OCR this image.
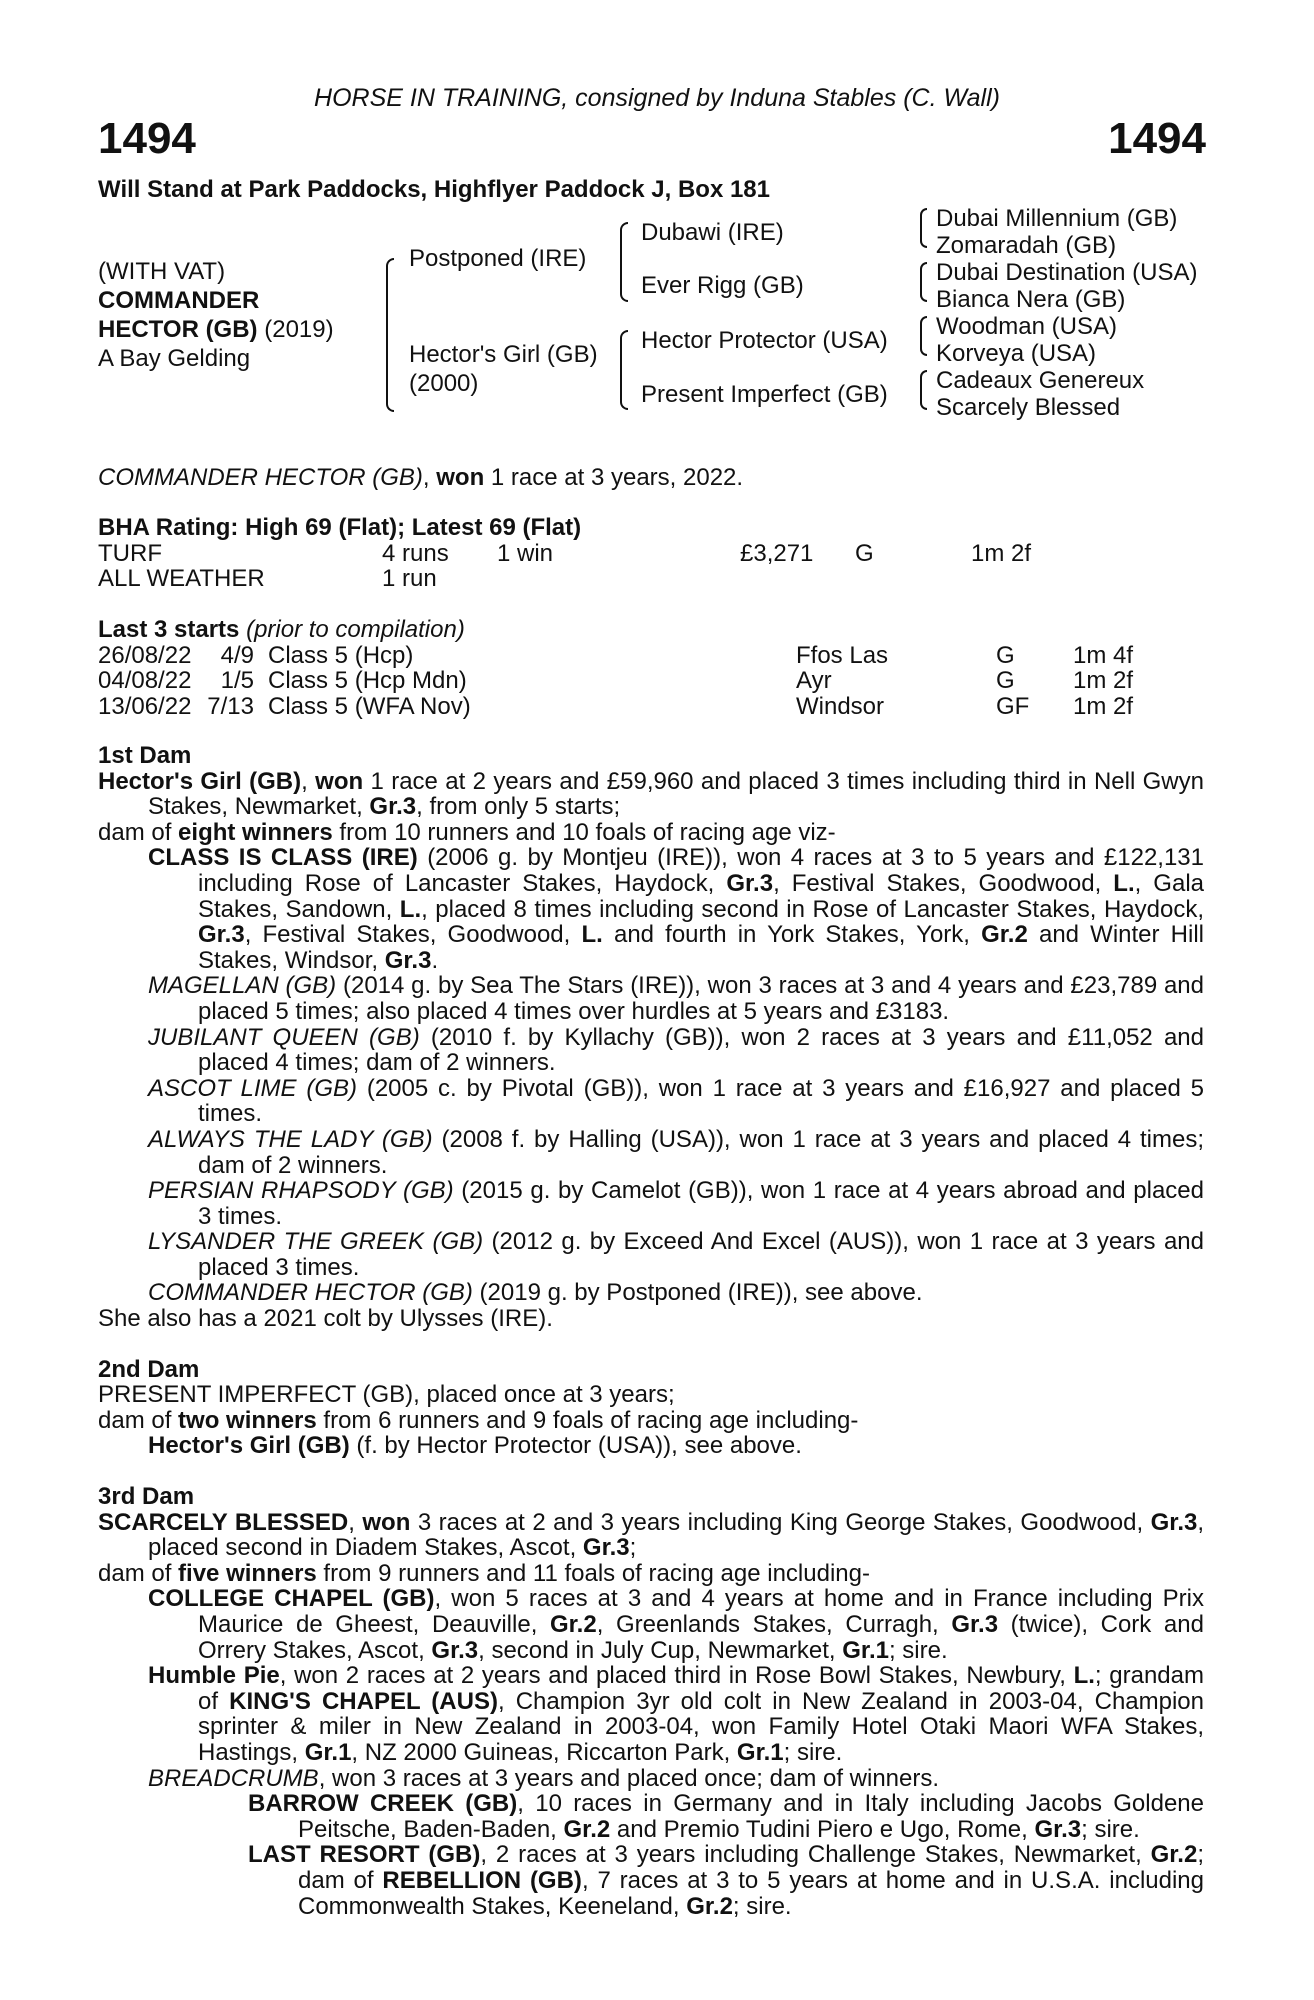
HORSE IN TRAINING, consigned by Induna Stables (C. Wall)
1494	1494
Will Stand at Park Paddocks, Highflyer Paddock J, Box 181
(WITH VAT)
COMMANDER
HECTOR (GB) (2019)
A Bay Gelding
Postponed (IRE)
Hector's Girl (GB)
(2000)
Dubawi (IRE)
Ever Rigg (GB)
Hector Protector (USA)
Present Imperfect (GB)
Dubai Millennium (GB)
Zomaradah (GB)
Dubai Destination (USA)
Bianca Nera (GB)
Woodman (USA)
Korveya (USA)
Cadeaux Genereux
Scarcely Blessed
COMMANDER HECTOR (GB), won 1 race at 3 years, 2022.
BHA Rating: High 69 (Flat); Latest 69 (Flat)
TURF	4 runs	1 win	£3,271	G	1m 2f
ALL WEATHER	1 run				
Last 3 starts (prior to compilation)
26/08/22	4/9	Class 5 (Hcp)	Ffos Las	G	1m 4f
04/08/22	1/5	Class 5 (Hcp Mdn)	Ayr	G	1m 2f
13/06/22	7/13	Class 5 (WFA Nov)	Windsor	GF	1m 2f

1st Dam

Hector's Girl (GB), won 1 race at 2 years and £59,960 and placed 3 times including third in Nell Gwyn Stakes, Newmarket, Gr.3, from only 5 starts;

dam of eight winners from 10 runners and 10 foals of racing age viz-

CLASS IS CLASS (IRE) (2006 g. by Montjeu (IRE)), won 4 races at 3 to 5 years and £122,131 including Rose of Lancaster Stakes, Haydock, Gr.3, Festival Stakes, Goodwood, L., Gala Stakes, Sandown, L., placed 8 times including second in Rose of Lancaster Stakes, Haydock, Gr.3, Festival Stakes, Goodwood, L. and fourth in York Stakes, York, Gr.2 and Winter Hill Stakes, Windsor, Gr.3.

MAGELLAN (GB) (2014 g. by Sea The Stars (IRE)), won 3 races at 3 and 4 years and £23,789 and placed 5 times; also placed 4 times over hurdles at 5 years and £3183.

JUBILANT QUEEN (GB) (2010 f. by Kyllachy (GB)), won 2 races at 3 years and £11,052 and placed 4 times; dam of 2 winners.

ASCOT LIME (GB) (2005 c. by Pivotal (GB)), won 1 race at 3 years and £16,927 and placed 5 times.

ALWAYS THE LADY (GB) (2008 f. by Halling (USA)), won 1 race at 3 years and placed 4 times; dam of 2 winners.

PERSIAN RHAPSODY (GB) (2015 g. by Camelot (GB)), won 1 race at 4 years abroad and placed 3 times.

LYSANDER THE GREEK (GB) (2012 g. by Exceed And Excel (AUS)), won 1 race at 3 years and placed 3 times.

COMMANDER HECTOR (GB) (2019 g. by Postponed (IRE)), see above.

She also has a 2021 colt by Ulysses (IRE).

2nd Dam

PRESENT IMPERFECT (GB), placed once at 3 years;

dam of two winners from 6 runners and 9 foals of racing age including-

Hector's Girl (GB) (f. by Hector Protector (USA)), see above.

3rd Dam

SCARCELY BLESSED, won 3 races at 2 and 3 years including King George Stakes, Goodwood, Gr.3, placed second in Diadem Stakes, Ascot, Gr.3;

dam of five winners from 9 runners and 11 foals of racing age including-

COLLEGE CHAPEL (GB), won 5 races at 3 and 4 years at home and in France including Prix Maurice de Gheest, Deauville, Gr.2, Greenlands Stakes, Curragh, Gr.3 (twice), Cork and Orrery Stakes, Ascot, Gr.3, second in July Cup, Newmarket, Gr.1; sire.

Humble Pie, won 2 races at 2 years and placed third in Rose Bowl Stakes, Newbury, L.; grandam of KING'S CHAPEL (AUS), Champion 3yr old colt in New Zealand in 2003-04, Champion sprinter & miler in New Zealand in 2003-04, won Family Hotel Otaki Maori WFA Stakes, Hastings, Gr.1, NZ 2000 Guineas, Riccarton Park, Gr.1; sire.

BREADCRUMB, won 3 races at 3 years and placed once; dam of winners.

BARROW CREEK (GB), 10 races in Germany and in Italy including Jacobs Goldene Peitsche, Baden-Baden, Gr.2 and Premio Tudini Piero e Ugo, Rome, Gr.3; sire.

LAST RESORT (GB), 2 races at 3 years including Challenge Stakes, Newmarket, Gr.2; dam of REBELLION (GB), 7 races at 3 to 5 years at home and in U.S.A. including Commonwealth Stakes, Keeneland, Gr.2; sire.
